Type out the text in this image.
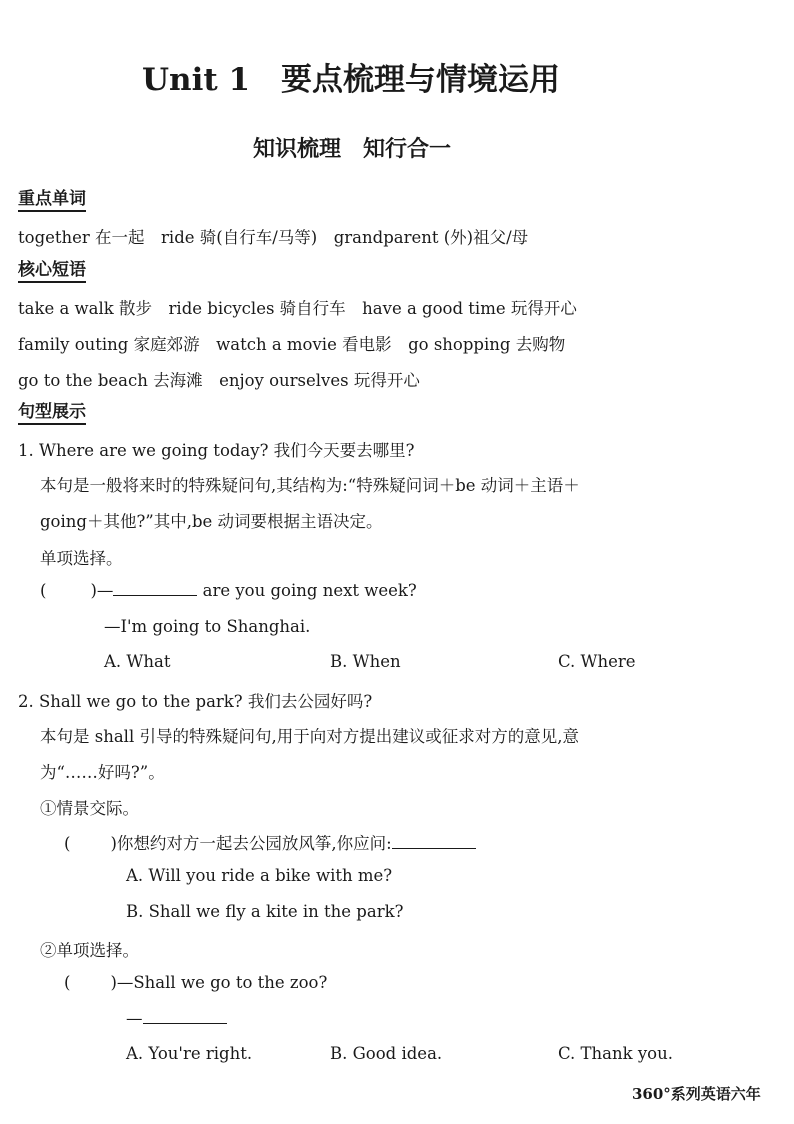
Unit 1　要点梳理与情境运用
知识梳理　知行合一
重点单词
together 在一起　ride 骑(自行车/马等)　grandparent (外)祖父/母
核心短语
take a walk 散步　ride bicycles 骑自行车　have a good time 玩得开心
family outing 家庭郊游　watch a movie 看电影　go shopping 去购物
go to the beach 去海滩　enjoy ourselves 玩得开心
句型展示
1. Where are we going today? 我们今天要去哪里?
本句是一般将来时的特殊疑问句,其结构为:“特殊疑问词＋be 动词＋主语＋
going＋其他?”其中,be 动词要根据主语决定。
单项选择。
(	)—	are you going next week?
—I'm going to Shanghai.
A. What	B. When	C. Where
2. Shall we go to the park? 我们去公园好吗?
本句是 shall 引导的特殊疑问句,用于向对方提出建议或征求对方的意见,意
为“……好吗?”。
①情景交际。
( )你想约对方一起去公园放风筝,你应问:
A. Will you ride a bike with me?
B. Shall we fly a kite in the park?
②单项选择。
( )—Shall we go to the zoo?
—
A. You're right.	B. Good idea.	C. Thank you.
360°系列英语六年
